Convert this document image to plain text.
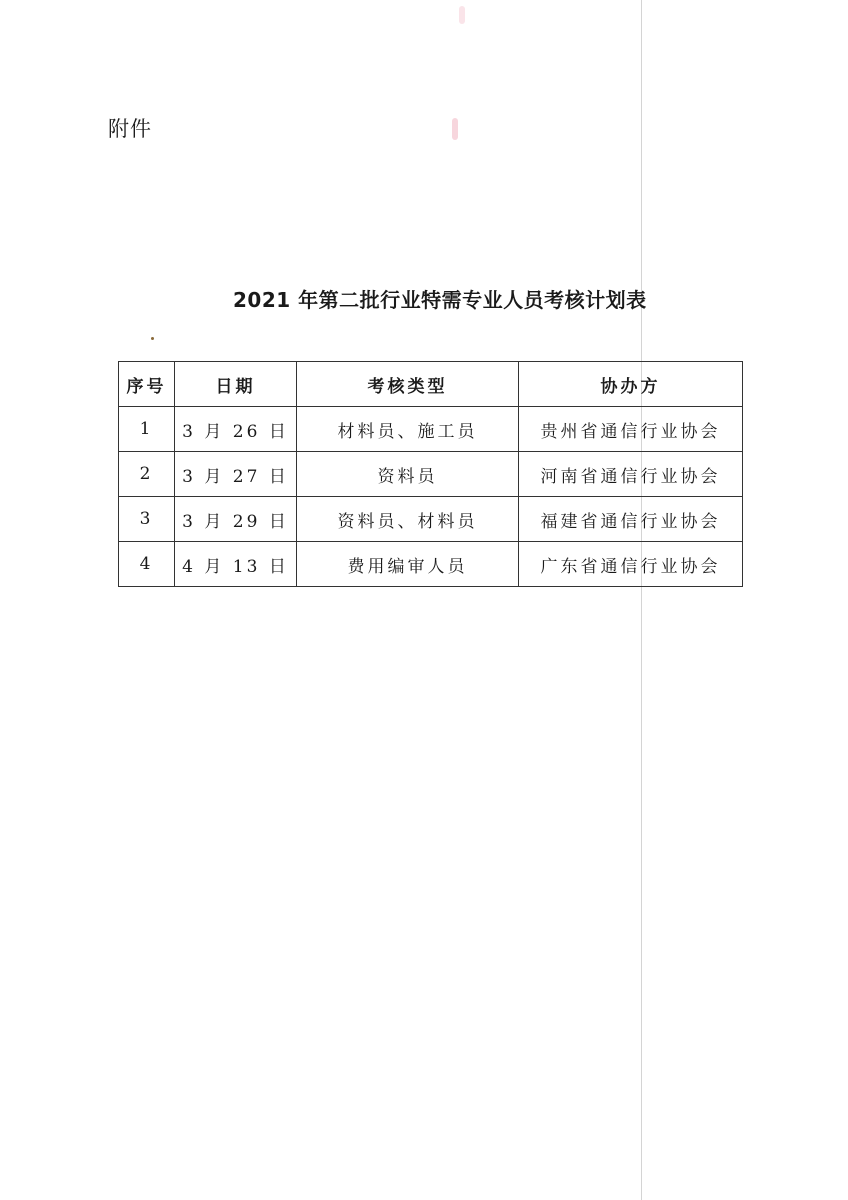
附件
2021 年第二批行业特需专业人员考核计划表
序号	日期	考核类型	协办方
1	3 月 26 日	材料员、施工员	贵州省通信行业协会
2	3 月 27 日	资料员	河南省通信行业协会
3	3 月 29 日	资料员、材料员	福建省通信行业协会
4	4 月 13 日	费用编审人员	广东省通信行业协会
